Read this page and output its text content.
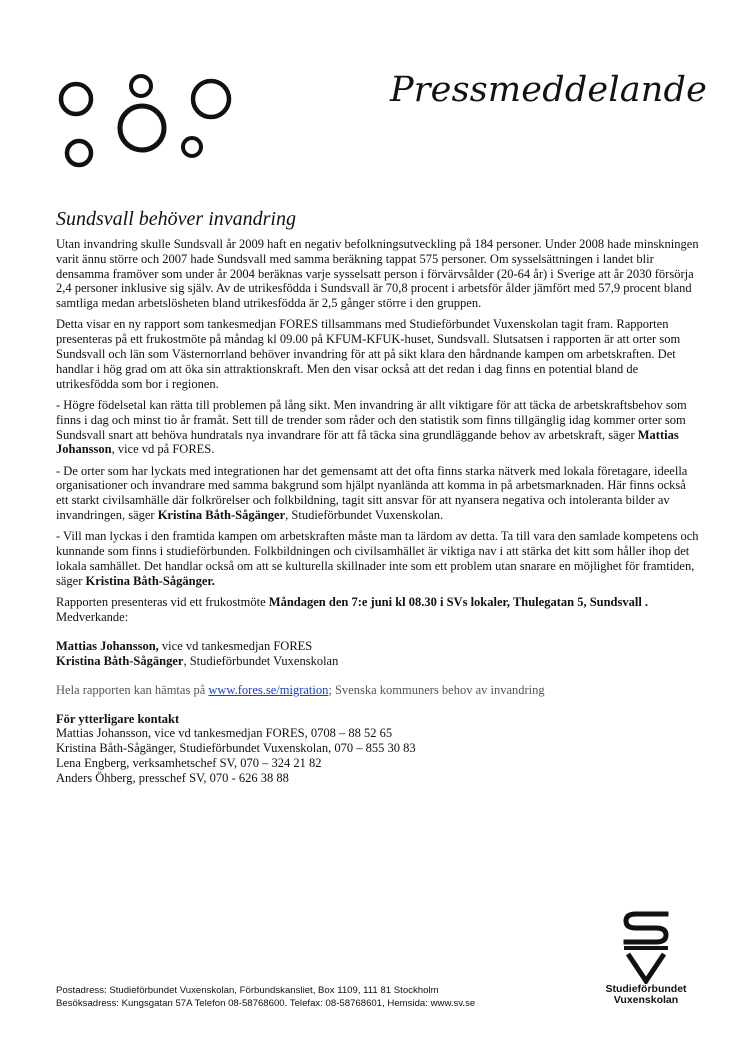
Pressmeddelande
Sundsvall behöver invandring

Utan invandring skulle Sundsvall år 2009 haft en negativ befolkningsutveckling på 184 personer. Under 2008 hade minskningen varit ännu större och 2007 hade Sundsvall med samma beräkning tappat 575 personer. Om sysselsättningen i landet blir densamma framöver som under år 2004 beräknas varje sysselsatt person i förvärvsålder (20-64 år) i Sverige att år 2030 försörja 2,4 personer inklusive sig själv. Av de utrikesfödda i Sundsvall är 70,8 procent i arbetsför ålder jämfört med 57,9 procent bland samtliga medan arbetslösheten bland utrikesfödda är 2,5 gånger större i den gruppen.

Detta visar en ny rapport som tankesmedjan FORES tillsammans med Studieförbundet Vuxenskolan tagit fram. Rapporten presenteras på ett frukostmöte på måndag kl 09.00 på KFUM-KFUK-huset, Sundsvall. Slutsatsen i rapporten är att orter som Sundsvall och län som Västernorrland behöver invandring för att på sikt klara den hårdnande kampen om arbetskraften. Det handlar i hög grad om att öka sin attraktionskraft. Men den visar också att det redan i dag finns en potential bland de utrikesfödda som bor i regionen.

- Högre födelsetal kan rätta till problemen på lång sikt. Men invandring är allt viktigare för att täcka de arbetskraftsbehov som finns i dag och minst tio år framåt. Sett till de trender som råder och den statistik som finns tillgänglig idag kommer orter som Sundsvall snart att behöva hundratals nya invandrare för att få täcka sina grundläggande behov av arbetskraft, säger Mattias Johansson, vice vd på FORES.

- De orter som har lyckats med integrationen har det gemensamt att det ofta finns starka nätverk med lokala företagare, ideella organisationer och invandrare med samma bakgrund som hjälpt nyanlända att komma in på arbetsmarknaden. Här finns också ett starkt civilsamhälle där folkrörelser och folkbildning, tagit sitt ansvar för att nyansera negativa och intoleranta bilder av invandringen, säger Kristina Båth-Sågänger, Studieförbundet Vuxenskolan.

- Vill man lyckas i den framtida kampen om arbetskraften måste man ta lärdom av detta. Ta till vara den samlade kompetens och kunnande som finns i studieförbunden. Folkbildningen och civilsamhället är viktiga nav i att stärka det kitt som håller ihop det lokala samhället. Det handlar också om att se kulturella skillnader inte som ett problem utan snarare en möjlighet för framtiden, säger Kristina Båth-Sågänger.

Rapporten presenteras vid ett frukostmöte Måndagen den 7:e juni kl 08.30 i SVs lokaler, Thulegatan 5, Sundsvall .

Medverkande:

Mattias Johansson, vice vd tankesmedjan FORES
Kristina Båth-Sågänger, Studieförbundet Vuxenskolan
Hela rapporten kan hämtas på www.fores.se/migration; Svenska kommuners behov av invandring
För ytterligare kontakt
Mattias Johansson, vice vd tankesmedjan FORES, 0708 – 88 52 65
Kristina Båth-Sågänger, Studieförbundet Vuxenskolan, 070 – 855 30 83
Lena Engberg, verksamhetschef SV, 070 – 324 21 82
Anders Öhberg, presschef SV, 070 - 626 38 88
Studieförbundet
Vuxenskolan
Postadress: Studieförbundet Vuxenskolan, Förbundskansliet, Box 1109, 111 81 Stockholm
Besöksadress: Kungsgatan 57A Telefon 08-58768600. Telefax: 08-58768601, Hemsida: www.sv.se
